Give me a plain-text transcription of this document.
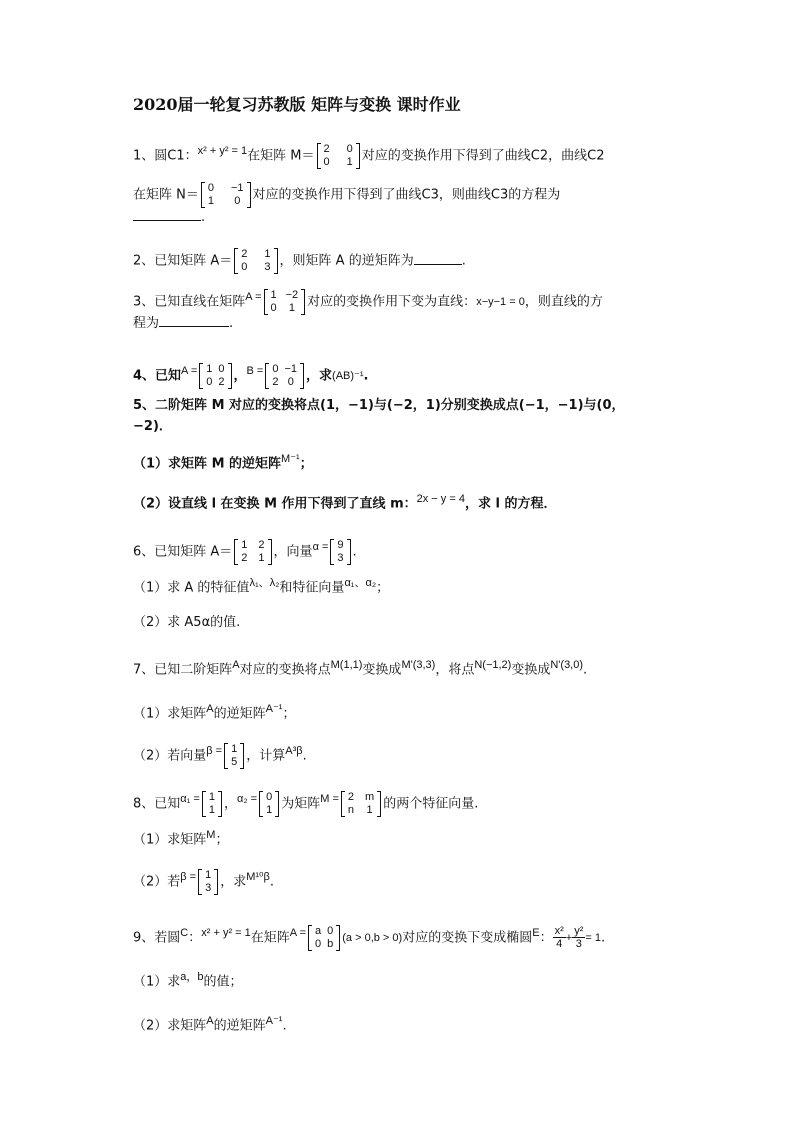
2020届一轮复习苏教版 矩阵与变换 课时作业
1、圆C1：x² + y² = 1在矩阵 M＝ 2	0
0	1 对应的变换作用下得到了曲线C2，曲线C2
在矩阵 N＝ 0	−1
1	0 对应的变换作用下得到了曲线C3，则曲线C3的方程为
.
2、已知矩阵 A＝ 2	1
0	3 ，则矩阵 A 的逆矩阵为	.
3、已知直线在矩阵A = 1	−2
0	1 对应的变换作用下变为直线：x−y−1 = 0，则直线的方
程为	.
4、已知A = 1	0
0	2 ，B = 0	−1
2	0 ，求(AB)⁻¹.
5、二阶矩阵 M 对应的变换将点(1，−1)与(−2，1)分别变换成点(−1，−1)与(0，
−2)．
（1）求矩阵 M 的逆矩阵M⁻¹；
（2）设直线 l 在变换 M 作用下得到了直线 m：2x − y = 4，求 l 的方程．
6、已知矩阵 A＝ 1	2
2	1 ，向量α = 9
3 .
（1）求 A 的特征值λ₁、λ₂和特征向量α₁、α₂；
（2）求 A5α的值.
7、已知二阶矩阵A对应的变换将点M(1,1)变换成M'(3,3)，将点N(−1,2)变换成N'(3,0).
（1）求矩阵A的逆矩阵A⁻¹；
（2）若向量β = 1
5 ，计算A³β.
8、已知α₁ = 1
1 ，α₂ = 0
1 为矩阵M = 2	m
n	1 的两个特征向量.
（1）求矩阵M；
（2）若β = 1
3 ，求M¹⁰β.
9、若圆C：x² + y² = 1在矩阵A = a	0
0	b (a > 0,b > 0)对应的变换下变成椭圆E： $\frac{\text{x²}}{4} + \frac{\text{y²}}{3} = 1$.
（1）求a，b的值；
（2）求矩阵A的逆矩阵A⁻¹.
